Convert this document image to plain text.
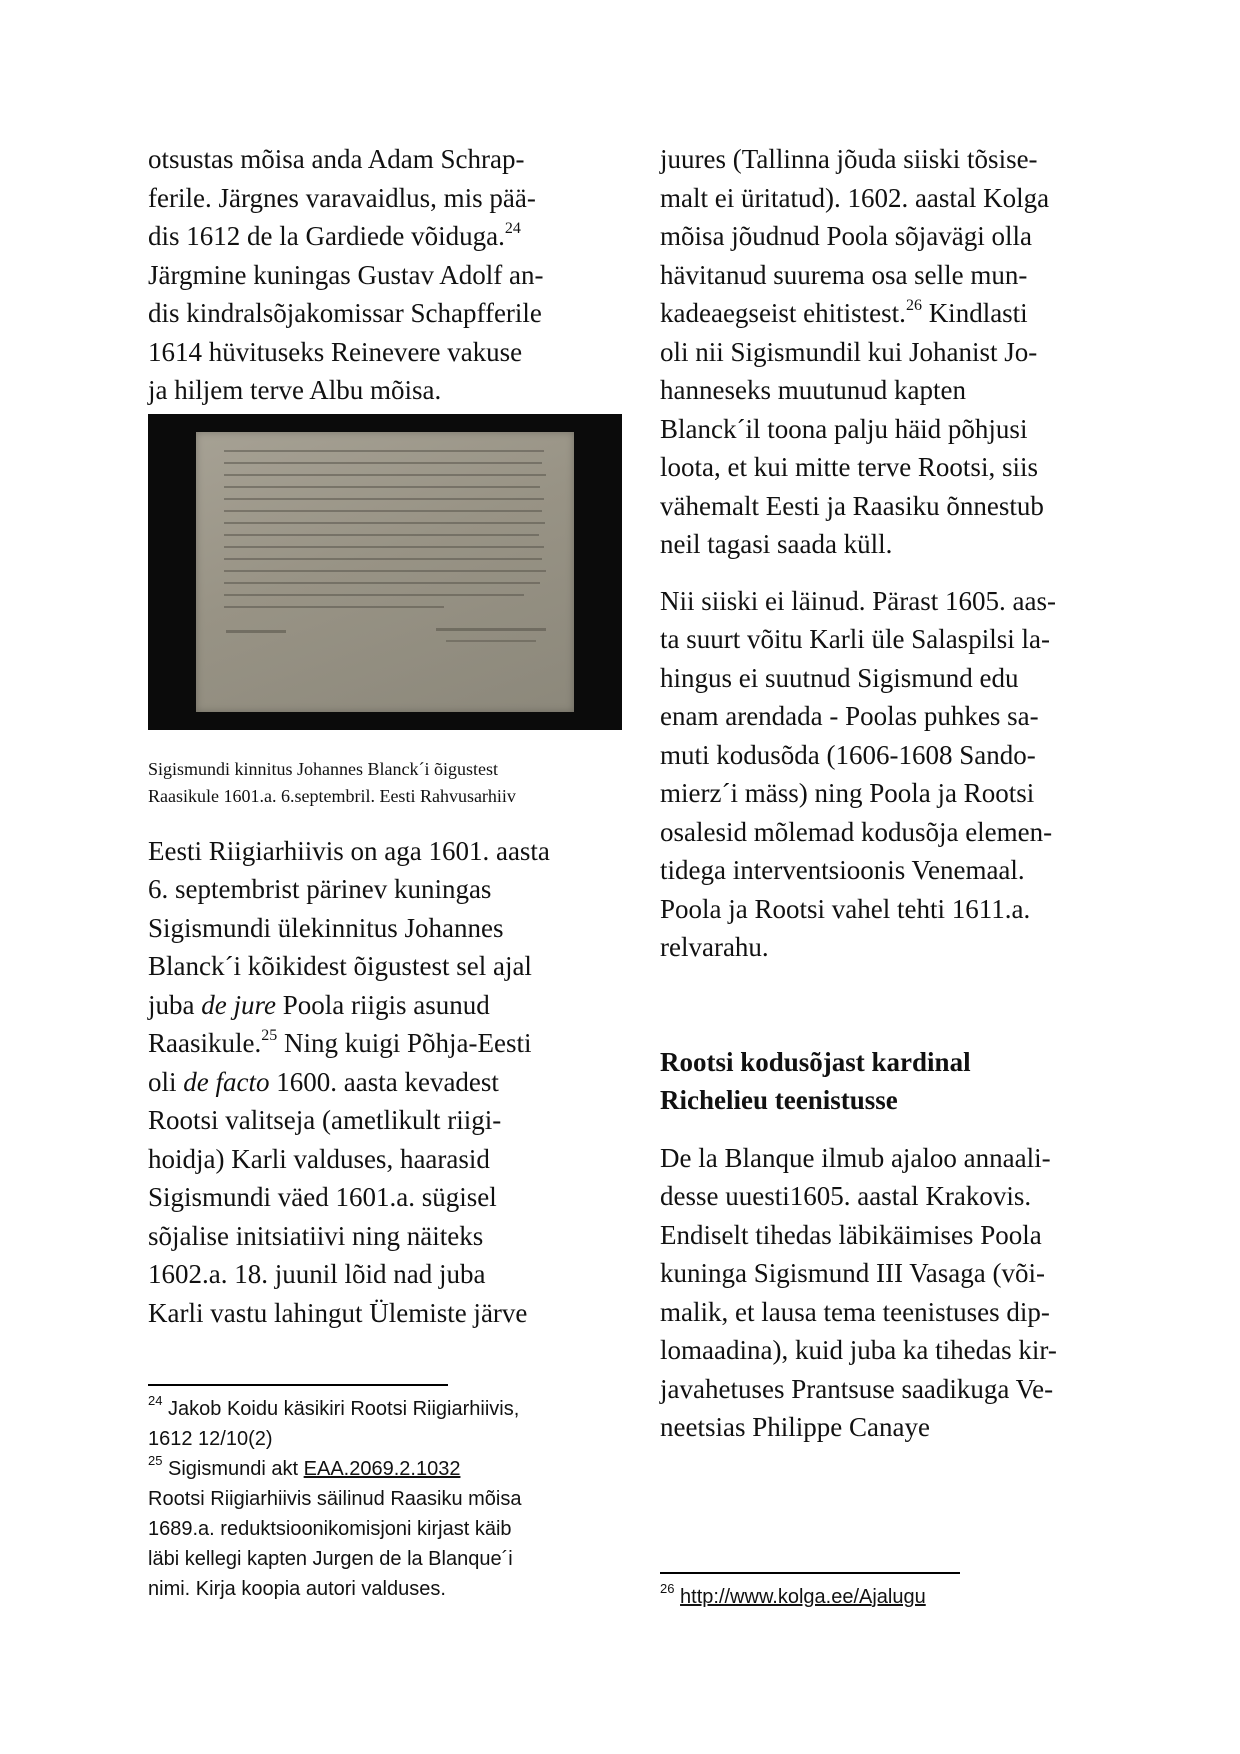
otsustas mõisa anda Adam Schrap-
ferile. Järgnes varavaidlus, mis pää-
dis 1612 de la Gardiede võiduga.$^{24}$
Järgmine kuningas Gustav Adolf an-
dis kindralsõjakomissar Schapfferile
1614 hüvituseks Reinevere vakuse
ja hiljem terve Albu mõisa.

Sigismundi kinnitus Johannes Blanck´i õigustest
Raasikule 1601.a. 6.septembril. Eesti Rahvusarhiiv

Eesti Riigiarhiivis on aga 1601. aasta
6. septembrist pärinev kuningas
Sigismundi ülekinnitus Johannes
Blanck´i kõikidest õigustest sel ajal
juba de jure Poola riigis asunud
Raasikule.$^{25}$ Ning kuigi Põhja-Eesti
oli de facto 1600. aasta kevadest
Rootsi valitseja (ametlikult riigi-
hoidja) Karli valduses, haarasid
Sigismundi väed 1601.a. sügisel
sõjalise initsiatiivi ning näiteks
1602.a. 18. juunil lõid nad juba
Karli vastu lahingut Ülemiste järve

$^{24}$ Jakob Koidu käsikiri Rootsi Riigiarhiivis,

1612 12/10(2)

$^{25}$ Sigismundi akt EAA.2069.2.1032

Rootsi Riigiarhiivis säilinud Raasiku mõisa

1689.a. reduktsioonikomisjoni kirjast käib

läbi kellegi kapten Jurgen de la Blanque´i

nimi. Kirja koopia autori valduses.

juures (Tallinna jõuda siiski tõsise-
malt ei üritatud). 1602. aastal Kolga
mõisa jõudnud Poola sõjavägi olla
hävitanud suurema osa selle mun-
kadeaegseist ehitistest.$^{26}$ Kindlasti
oli nii Sigismundil kui Johanist Jo-
hanneseks muutunud kapten
Blanck´il toona palju häid põhjusi
loota, et kui mitte terve Rootsi, siis
vähemalt Eesti ja Raasiku õnnestub
neil tagasi saada küll.

Nii siiski ei läinud. Pärast 1605. aas-
ta suurt võitu Karli üle Salaspilsi la-
hingus ei suutnud Sigismund edu
enam arendada - Poolas puhkes sa-
muti kodusõda (1606-1608 Sando-
mierz´i mäss) ning Poola ja Rootsi
osalesid mõlemad kodusõja elemen-
tidega interventsioonis Venemaal.
Poola ja Rootsi vahel tehti 1611.a.
relvarahu.

Rootsi kodusõjast kardinal
Richelieu teenistusse

De la Blanque ilmub ajaloo annaali-
desse uuesti1605. aastal Krakovis.
Endiselt tihedas läbikäimises Poola
kuninga Sigismund III Vasaga (või-
malik, et lausa tema teenistuses dip-
lomaadina), kuid juba ka tihedas kir-
javahetuses Prantsuse saadikuga Ve-
neetsias Philippe Canaye

$^{26}$ http://www.kolga.ee/Ajalugu
